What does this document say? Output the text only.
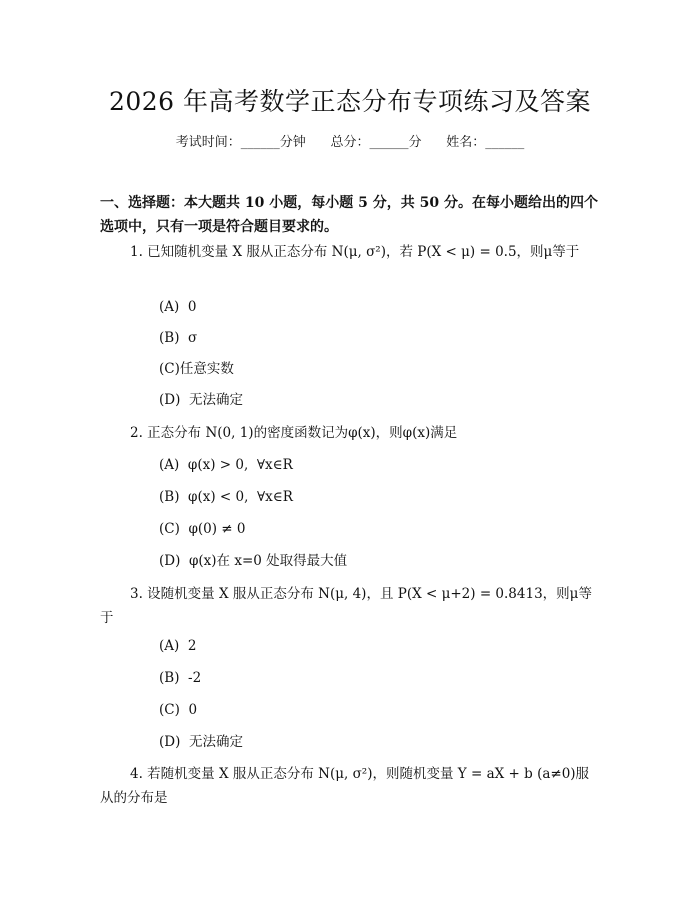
2026 年高考数学正态分布专项练习及答案
考试时间：______分钟      总分：______分      姓名：______
一、选择题：本大题共 10 小题，每小题 5 分，共 50 分。在每小题给出的四个选项中，只有一项是符合题目要求的。
1. 已知随机变量 X 服从正态分布 N(μ, σ²)，若 P(X < μ) = 0.5，则μ等于
(A)  0
(B)  σ
(C)任意实数
(D)  无法确定
2. 正态分布 N(0, 1)的密度函数记为φ(x)，则φ(x)满足
(A)  φ(x) > 0,  ∀x∈R
(B)  φ(x) < 0,  ∀x∈R
(C)  φ(0) ≠ 0
(D)  φ(x)在 x=0 处取得最大值
3. 设随机变量 X 服从正态分布 N(μ, 4)，且 P(X < μ+2) = 0.8413，则μ等于
(A)  2
(B)  -2
(C)  0
(D)  无法确定
4. 若随机变量 X 服从正态分布 N(μ, σ²)，则随机变量 Y = aX + b (a≠0)服从的分布是
